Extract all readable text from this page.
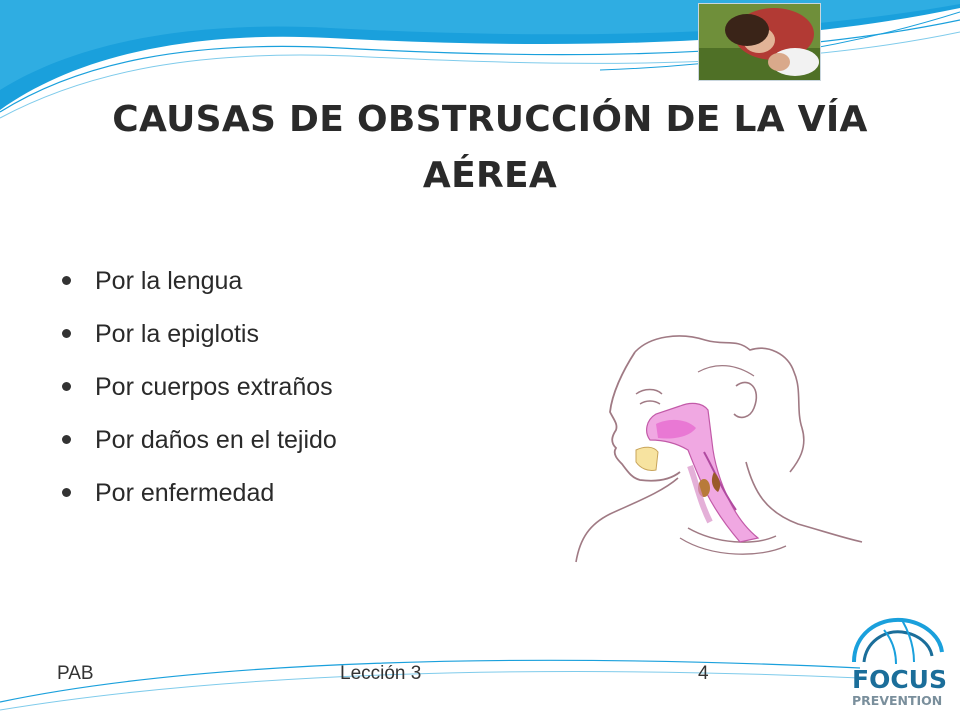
CAUSAS DE OBSTRUCCIÓN DE LA VÍA AÉREA
Por la lengua
Por la epiglotis
Por cuerpos extraños
Por daños en el tejido
Por enfermedad
PAB	Lección 3	4	FOCUS
PREVENTION
